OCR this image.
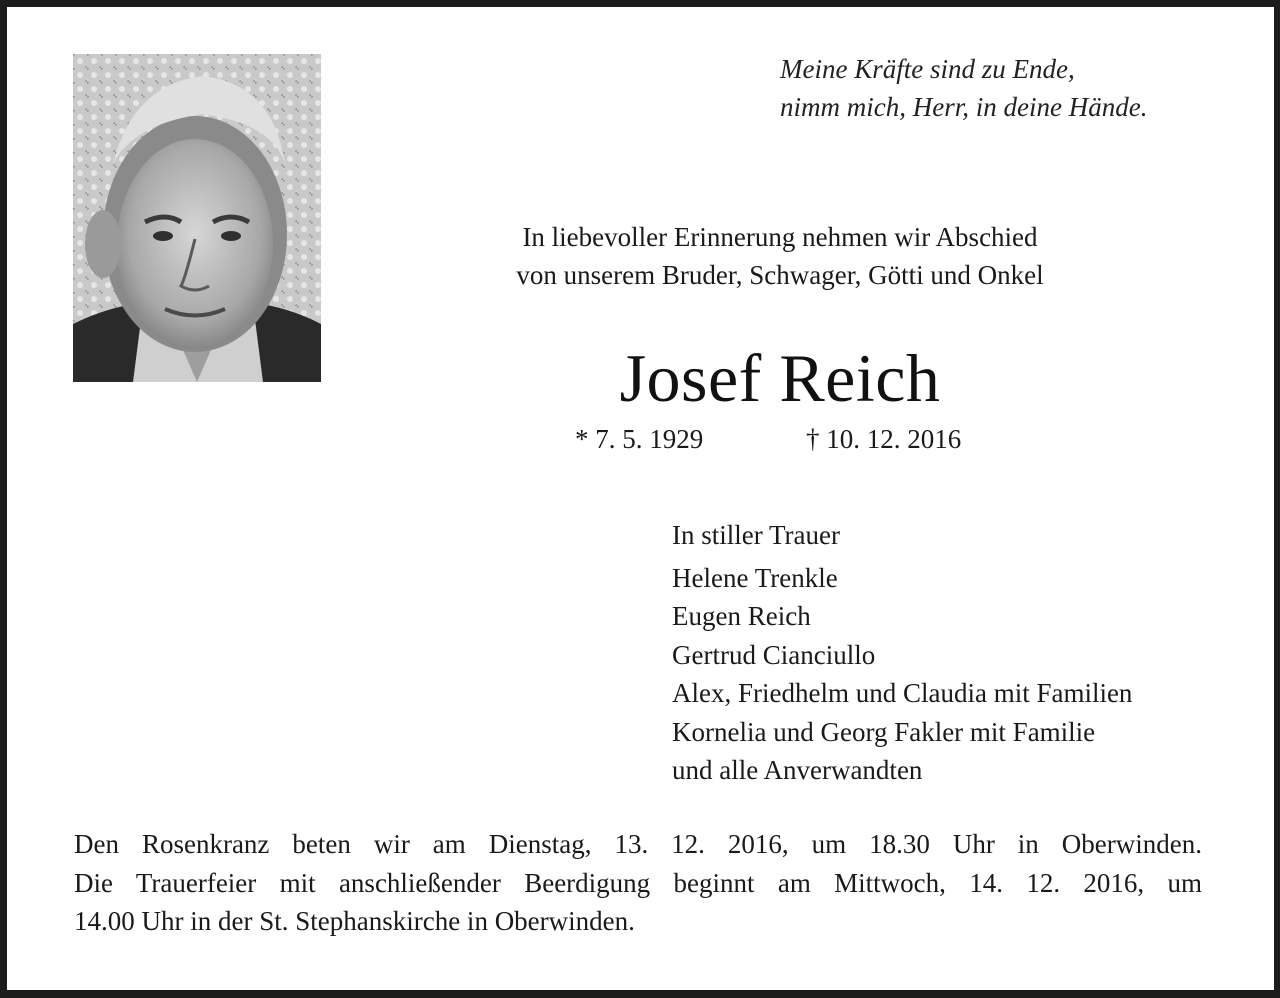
Meine Kräfte sind zu Ende,
nimm mich, Herr, in deine Hände.
In liebevoller Erinnerung nehmen wir Abschied
von unserem Bruder, Schwager, Götti und Onkel
Josef Reich
* 7. 5. 1929	† 10. 12. 2016
In stiller Trauer
Helene Trenkle
Eugen Reich
Gertrud Cianciullo
Alex, Friedhelm und Claudia mit Familien
Kornelia und Georg Fakler mit Familie
und alle Anverwandten
Den Rosenkranz beten wir am Dienstag, 13. 12. 2016, um 18.30 Uhr in Oberwinden.
Die Trauerfeier mit anschließender Beerdigung beginnt am Mittwoch, 14. 12. 2016, um
14.00 Uhr in der St. Stephanskirche in Oberwinden.
